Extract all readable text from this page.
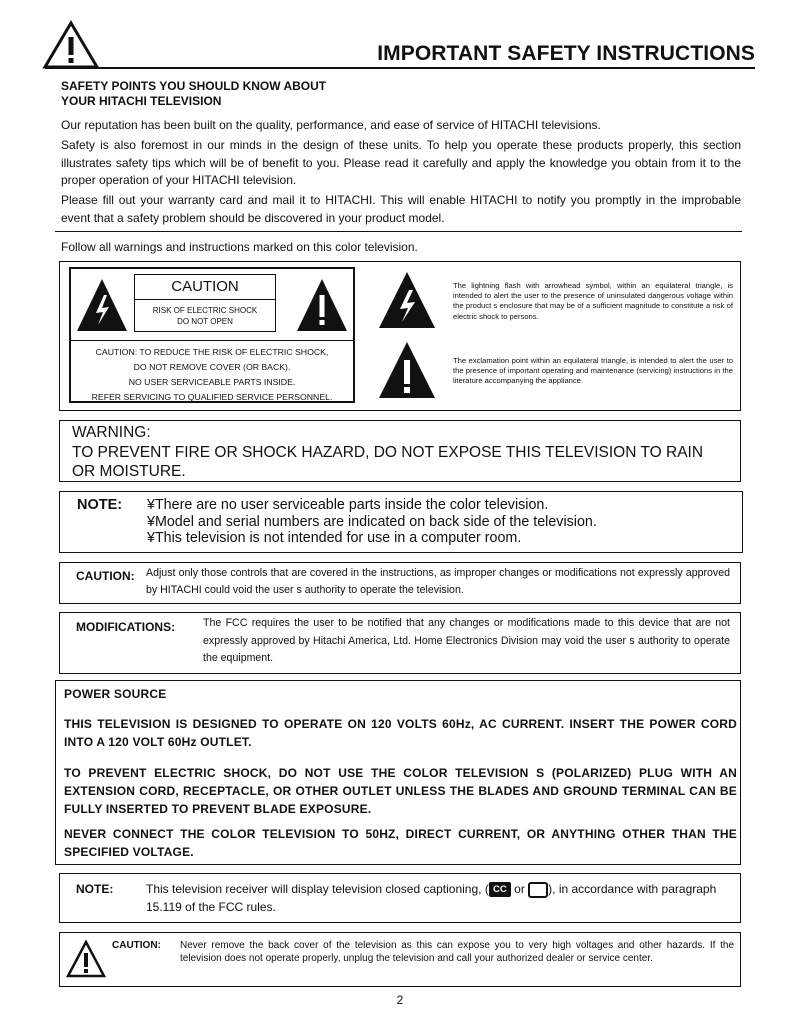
IMPORTANT SAFETY INSTRUCTIONS
SAFETY POINTS YOU SHOULD KNOW ABOUT
YOUR HITACHI TELEVISION

Our reputation has been built on the quality, performance, and ease of service of HITACHI televisions.

Safety is also foremost in our minds in the design of these units. To help you operate these products properly, this section illustrates safety tips which will be of benefit to you. Please read it carefully and apply the knowledge you obtain from it to the proper operation of your HITACHI television.

Please fill out your warranty card and mail it to HITACHI. This will enable HITACHI to notify you promptly in the improbable event that a safety problem should be discovered in your product model.

Follow all warnings and instructions marked on this color television.
CAUTION
RISK OF ELECTRIC SHOCK
DO NOT OPEN
CAUTION: TO REDUCE THE RISK OF ELECTRIC SHOCK,
DO NOT REMOVE COVER (OR BACK).
NO USER SERVICEABLE PARTS INSIDE.
REFER SERVICING TO QUALIFIED SERVICE PERSONNEL.

The lightning flash with arrowhead symbol, within an equilateral triangle, is intended to alert the user to the presence of uninsulated dangerous voltage within the product s enclosure that may be of a sufficient magnitude to constitute a risk of electric shock to persons.

The exclamation point within an equilateral triangle, is intended to alert the user to the presence of important operating and maintenance (servicing) instructions in the literature accompanying the appliance.

WARNING:
TO PREVENT FIRE OR SHOCK HAZARD, DO NOT EXPOSE THIS TELEVISION TO RAIN
OR MOISTURE.
NOTE: ¥There are no user serviceable parts inside the color television.
¥Model and serial numbers are indicated on back side of the television.
¥This television is not intended for use in a computer room.
CAUTION: Adjust only those controls that are covered in the instructions, as improper changes or modifications not expressly approved by HITACHI could void the user s authority to operate the television.

MODIFICATIONS:	The FCC requires the user to be notified that any changes or modifications made to this device that are not expressly approved by Hitachi America, Ltd. Home Electronics Division may void the user s authority to operate the equipment.

POWER SOURCE

THIS TELEVISION IS DESIGNED TO OPERATE ON 120 VOLTS 60Hz, AC CURRENT. INSERT THE POWER CORD INTO A 120 VOLT 60Hz OUTLET.

TO PREVENT ELECTRIC SHOCK, DO NOT USE THE COLOR TELEVISION S (POLARIZED) PLUG WITH AN EXTENSION CORD, RECEPTACLE, OR OTHER OUTLET UNLESS THE BLADES AND GROUND TERMINAL CAN BE FULLY INSERTED TO PREVENT BLADE EXPOSURE.

NEVER CONNECT THE COLOR TELEVISION TO 50HZ, DIRECT CURRENT, OR ANYTHING OTHER THAN THE SPECIFIED VOLTAGE.

NOTE:	This television receiver will display television closed captioning, ( CC or ), in accordance with paragraph 15.119 of the FCC rules.

CAUTION: Never remove the back cover of the television as this can expose you to very high voltages and other hazards. If the television does not operate properly, unplug the television and call your authorized dealer or service center.

2
